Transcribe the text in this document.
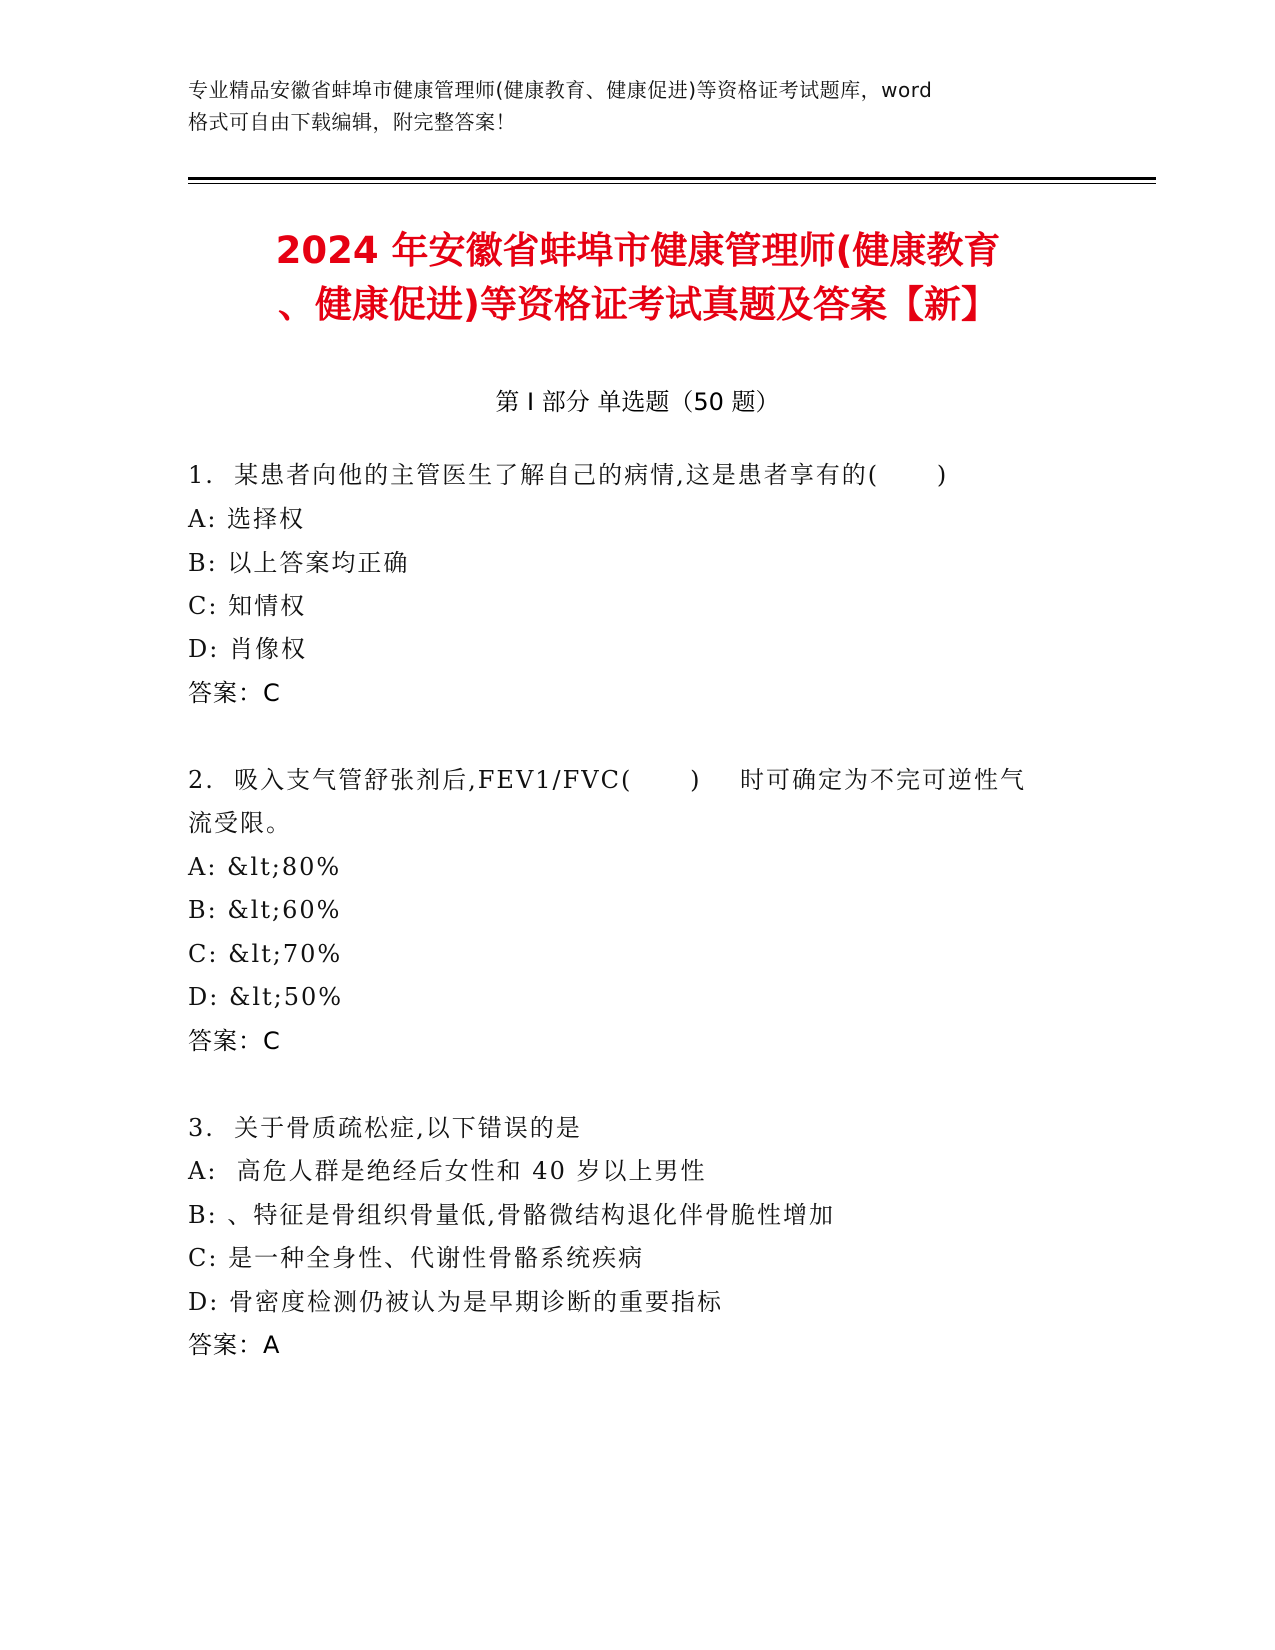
专业精品安徽省蚌埠市健康管理师(健康教育、健康促进)等资格证考试题库，word
格式可自由下载编辑，附完整答案！
2024 年安徽省蚌埠市健康管理师(健康教育
、健康促进)等资格证考试真题及答案【新】
第 I 部分 单选题（50 题）
1.  某患者向他的主管医生了解自己的病情,这是患者享有的(      )
A: 选择权
B: 以上答案均正确
C: 知情权
D: 肖像权
答案：C
2.  吸入支气管舒张剂后,FEV1/FVC(      )    时可确定为不完可逆性气
流受限。
A: &lt;80%
B: &lt;60%
C: &lt;70%
D: &lt;50%
答案：C
3.  关于骨质疏松症,以下错误的是
A:  高危人群是绝经后女性和 40 岁以上男性
B: 、特征是骨组织骨量低,骨骼微结构退化伴骨脆性增加
C: 是一种全身性、代谢性骨骼系统疾病
D: 骨密度检测仍被认为是早期诊断的重要指标
答案：A
